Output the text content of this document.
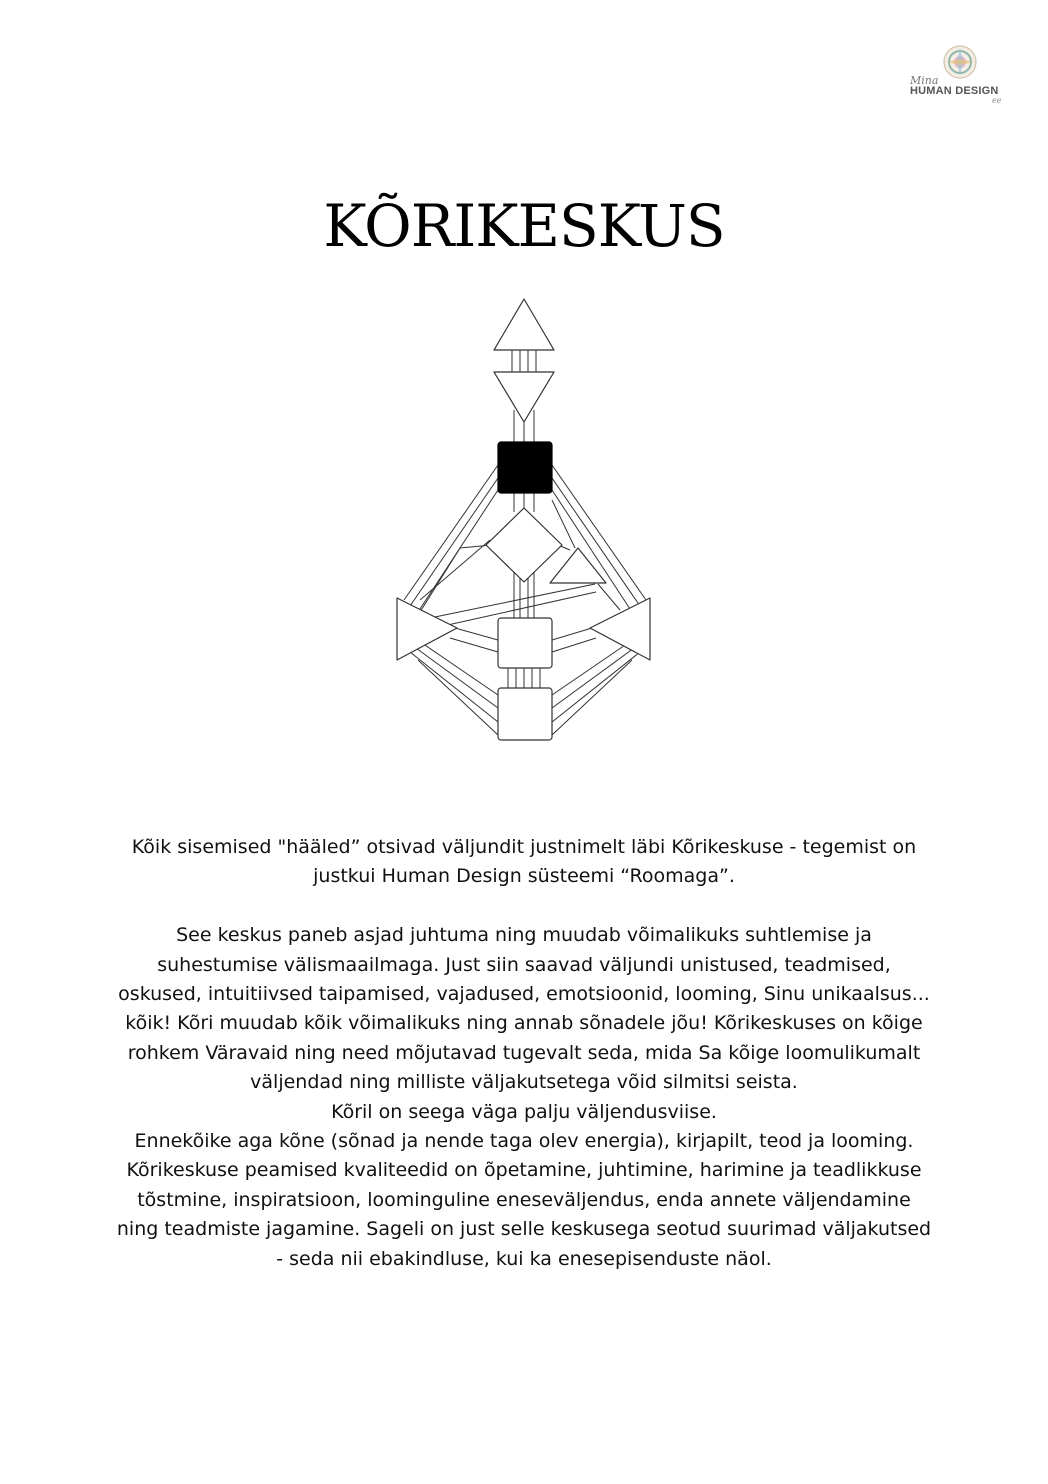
Mina
HUMAN DESIGN
ee
KÕRIKESKUS

Kõik sisemised "hääled” otsivad väljundit justnimelt läbi Kõrikeskuse - tegemist on

justkui Human Design süsteemi “Roomaga”.

See keskus paneb asjad juhtuma ning muudab võimalikuks suhtlemise ja

suhestumise välismaailmaga. Just siin saavad väljundi unistused, teadmised,

oskused, intuitiivsed taipamised, vajadused, emotsioonid, looming, Sinu unikaalsus...

kõik! Kõri muudab kõik võimalikuks ning annab sõnadele jõu! Kõrikeskuses on kõige

rohkem Väravaid ning need mõjutavad tugevalt seda, mida Sa kõige loomulikumalt

väljendad ning milliste väljakutsetega võid silmitsi seista.

Kõril on seega väga palju väljendusviise.

Ennekõike aga kõne (sõnad ja nende taga olev energia), kirjapilt, teod ja looming.

Kõrikeskuse peamised kvaliteedid on õpetamine, juhtimine, harimine ja teadlikkuse

tõstmine, inspiratsioon, loominguline eneseväljendus, enda annete väljendamine

ning teadmiste jagamine. Sageli on just selle keskusega seotud suurimad väljakutsed

- seda nii ebakindluse, kui ka enesepisenduste näol.
